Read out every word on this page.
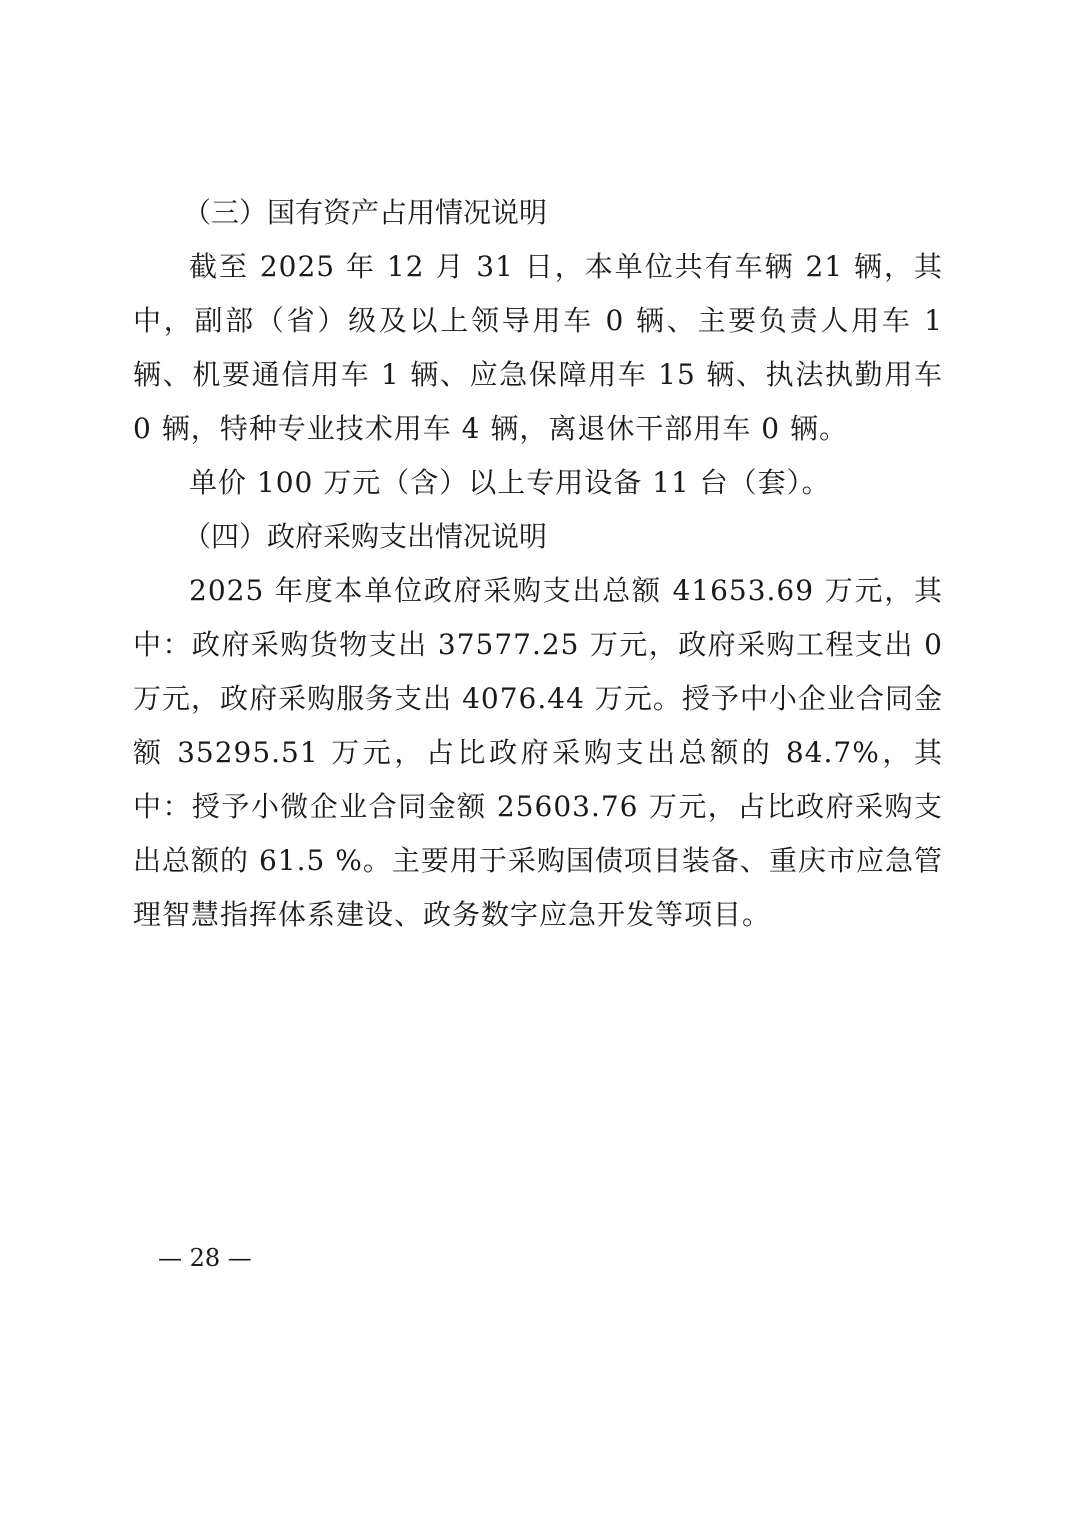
（三）国有资产占用情况说明

截至 2025 年 12 月 31 日，本单位共有车辆 21 辆，其中，副部（省）级及以上领导用车 0 辆、主要负责人用车 1 辆、机要通信用车 1 辆、应急保障用车 15 辆、执法执勤用车 0 辆，特种专业技术用车 4 辆，离退休干部用车 0 辆。

单价 100 万元（含）以上专用设备 11 台（套）。

（四）政府采购支出情况说明

2025 年度本单位政府采购支出总额 41653.69 万元，其中：政府采购货物支出 37577.25 万元，政府采购工程支出 0 万元，政府采购服务支出 4076.44 万元。授予中小企业合同金额 35295.51 万元，占比政府采购支出总额的 84.7%，其中：授予小微企业合同金额 25603.76 万元，占比政府采购支出总额的 61.5 %。主要用于采购国债项目装备、重庆市应急管理智慧指挥体系建设、政务数字应急开发等项目。

— 28 —
